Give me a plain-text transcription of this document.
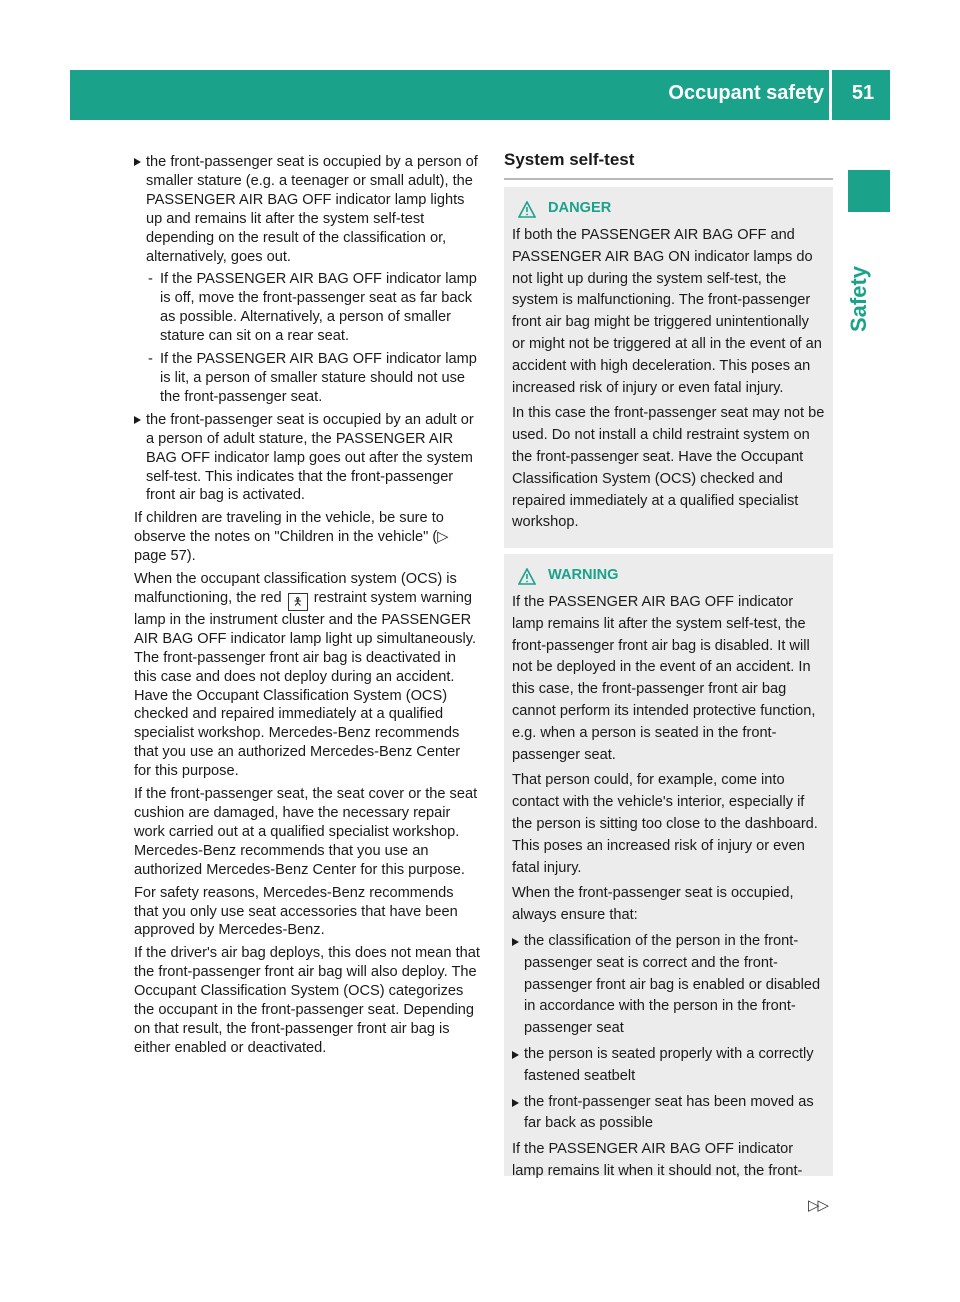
Occupant safety	51
Safety

the front-passenger seat is occupied by a person of smaller stature (e.g. a teenager or small adult), the PASSENGER AIR BAG OFF indicator lamp lights up and remains lit after the system self-test depending on the result of the classification or, alternatively, goes out.

- If the PASSENGER AIR BAG OFF indicator lamp is off, move the front-passenger seat as far back as possible. Alternatively, a person of smaller stature can sit on a rear seat.

- If the PASSENGER AIR BAG OFF indicator lamp is lit, a person of smaller stature should not use the front-passenger seat.

the front-passenger seat is occupied by an adult or a person of adult stature, the PASSENGER AIR BAG OFF indicator lamp goes out after the system self-test. This indicates that the front-passenger front air bag is activated.

If children are traveling in the vehicle, be sure to observe the notes on "Children in the vehicle" (▷ page 57).

When the occupant classification system (OCS) is malfunctioning, the red 🯅 restraint system warning lamp in the instrument cluster and the PASSENGER AIR BAG OFF indicator lamp light up simultaneously. The front-passenger front air bag is deactivated in this case and does not deploy during an accident. Have the Occupant Classification System (OCS) checked and repaired immediately at a qualified specialist workshop. Mercedes-Benz recommends that you use an authorized Mercedes-Benz Center for this purpose.

If the front-passenger seat, the seat cover or the seat cushion are damaged, have the necessary repair work carried out at a qualified specialist workshop. Mercedes-Benz recommends that you use an authorized Mercedes-Benz Center for this purpose.

For safety reasons, Mercedes-Benz recommends that you only use seat accessories that have been approved by Mercedes-Benz.

If the driver's air bag deploys, this does not mean that the front-passenger front air bag will also deploy. The Occupant Classification System (OCS) categorizes the occupant in the front-passenger seat. Depending on that result, the front-passenger front air bag is either enabled or deactivated.

System self-test
DANGER

If both the PASSENGER AIR BAG OFF and PASSENGER AIR BAG ON indicator lamps do not light up during the system self-test, the system is malfunctioning. The front-passenger front air bag might be triggered unintentionally or might not be triggered at all in the event of an accident with high deceleration. This poses an increased risk of injury or even fatal injury.

In this case the front-passenger seat may not be used. Do not install a child restraint system on the front-passenger seat. Have the Occupant Classification System (OCS) checked and repaired immediately at a qualified specialist workshop.

WARNING

If the PASSENGER AIR BAG OFF indicator lamp remains lit after the system self-test, the front-passenger front air bag is disabled. It will not be deployed in the event of an accident. In this case, the front-passenger front air bag cannot perform its intended protective function, e.g. when a person is seated in the front-passenger seat.

That person could, for example, come into contact with the vehicle's interior, especially if the person is sitting too close to the dashboard. This poses an increased risk of injury or even fatal injury.

When the front-passenger seat is occupied, always ensure that:

the classification of the person in the front-passenger seat is correct and the front-passenger front air bag is enabled or disabled in accordance with the person in the front-passenger seat

the person is seated properly with a correctly fastened seatbelt

the front-passenger seat has been moved as far back as possible

If the PASSENGER AIR BAG OFF indicator lamp remains lit when it should not, the front-

▷▷
